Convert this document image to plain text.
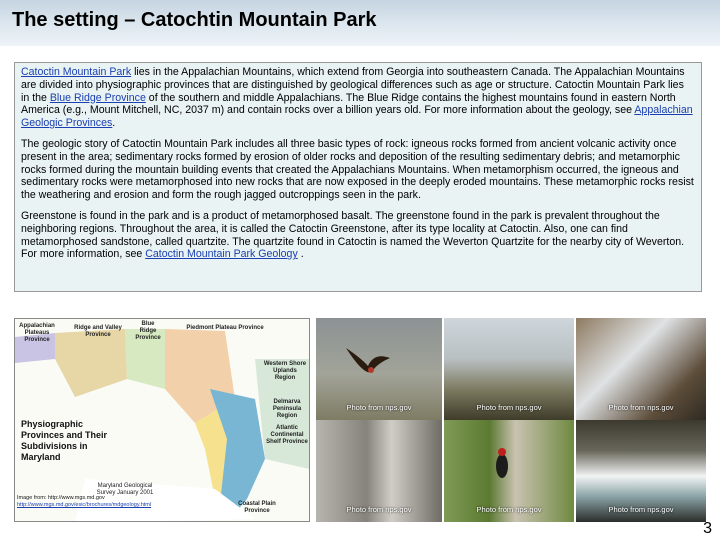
The setting – Catochtin Mountain Park

Catoctin Mountain Park lies in the Appalachian Mountains, which extend from Georgia into southeastern Canada. The Appalachian Mountains are divided into physiographic provinces that are distinguished by geological differences such as age or structure. Catoctin Mountain Park lies in the Blue Ridge Province of the southern and middle Appalachians. The Blue Ridge contains the highest mountains found in eastern North America (e.g., Mount Mitchell, NC, 2037 m) and contain rocks over a billion years old. For more information about the geology, see Appalachian Geologic Provinces.

The geologic story of Catoctin Mountain Park includes all three basic types of rock: igneous rocks formed from ancient volcanic activity once present in the area; sedimentary rocks formed by erosion of older rocks and deposition of the resulting sedimentary debris; and metamorphic rocks formed during the mountain building events that created the Appalachians Mountains. When metamorphism occurred, the igneous and sedimentary rocks were metamorphosed into new rocks that are now exposed in the deeply eroded mountains. These metamorphic rocks resist the weathering and erosion and form the rough jagged outcroppings seen in the park.

Greenstone is found in the park and is a product of metamorphosed basalt. The greenstone found in the park is prevalent throughout the neighboring regions. Throughout the area, it is called the Catoctin Greenstone, after its type locality at Catoctin. Also, one can find metamorphosed sandstone, called quartzite. The quartzite found in Catoctin is named the Weverton Quartzite for the nearby city of Weverton. For more information, see Catoctin Mountain Park Geology .

Appalachian Plateaus Province
Ridge and Valley Province
Blue Ridge Province
Piedmont Plateau Province
Western Shore Uplands Region
Delmarva Peninsula Region
Atlantic Continental Shelf Province
Coastal Plain Province
Physiographic Provinces and Their Subdivisions in Maryland
Maryland Geological Survey January 2001
Image from: http://www.mgs.md.gov
http://www.mgs.md.gov/esic/brochures/mdgeology.html
Photo from nps.gov	Photo from nps.gov	Photo from nps.gov
Photo from nps.gov	Photo from nps.gov	Photo from nps.gov
3
